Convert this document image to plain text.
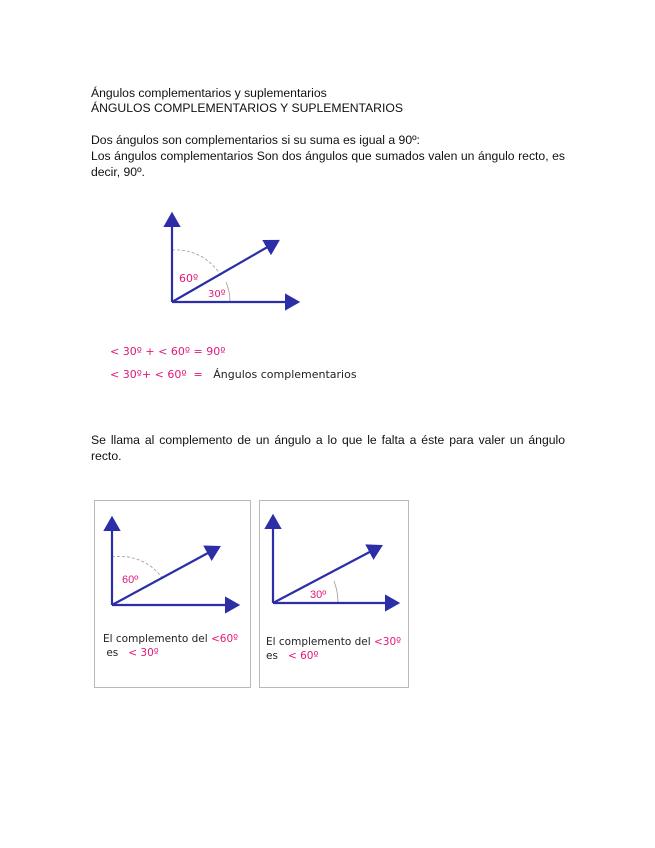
Ángulos complementarios y suplementarios
ÁNGULOS COMPLEMENTARIOS Y SUPLEMENTARIOS
Dos ángulos son complementarios si su suma es igual a 90º:
Los ángulos complementarios Son dos ángulos que sumados valen un ángulo recto, es decir, 90º.
60º
30º
< 30º + < 60º = 90º
< 30º+ < 60º = Ángulos complementarios
Se llama al complemento de un ángulo a lo que le falta a éste para valer un ángulo recto.
60º
El complemento del <60º
es < 30º
30º
El complemento del <30º
es < 60º
